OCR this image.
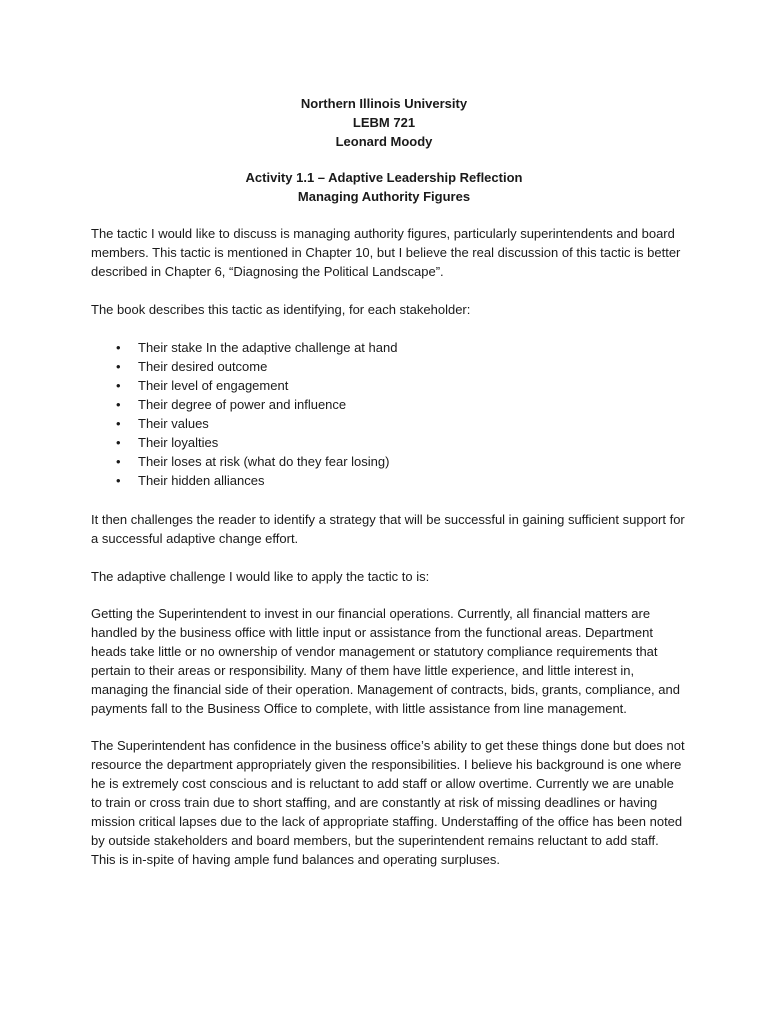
Northern Illinois University
LEBM 721
Leonard Moody
Activity 1.1 – Adaptive Leadership Reflection
Managing Authority Figures

The tactic I would like to discuss is managing authority figures, particularly superintendents and board
members. This tactic is mentioned in Chapter 10, but I believe the real discussion of this tactic is better
described in Chapter 6, “Diagnosing the Political Landscape”.

The book describes this tactic as identifying, for each stakeholder:

• Their stake In the adaptive challenge at hand
• Their desired outcome
• Their level of engagement
• Their degree of power and influence
• Their values
• Their loyalties
• Their loses at risk (what do they fear losing)
• Their hidden alliances

It then challenges the reader to identify a strategy that will be successful in gaining sufficient support for
a successful adaptive change effort.

The adaptive challenge I would like to apply the tactic to is:

Getting the Superintendent to invest in our financial operations. Currently, all financial matters are
handled by the business office with little input or assistance from the functional areas. Department
heads take little or no ownership of vendor management or statutory compliance requirements that
pertain to their areas or responsibility. Many of them have little experience, and little interest in,
managing the financial side of their operation. Management of contracts, bids, grants, compliance, and
payments fall to the Business Office to complete, with little assistance from line management.

The Superintendent has confidence in the business office’s ability to get these things done but does not
resource the department appropriately given the responsibilities. I believe his background is one where
he is extremely cost conscious and is reluctant to add staff or allow overtime. Currently we are unable
to train or cross train due to short staffing, and are constantly at risk of missing deadlines or having
mission critical lapses due to the lack of appropriate staffing. Understaffing of the office has been noted
by outside stakeholders and board members, but the superintendent remains reluctant to add staff.
This is in-spite of having ample fund balances and operating surpluses.
